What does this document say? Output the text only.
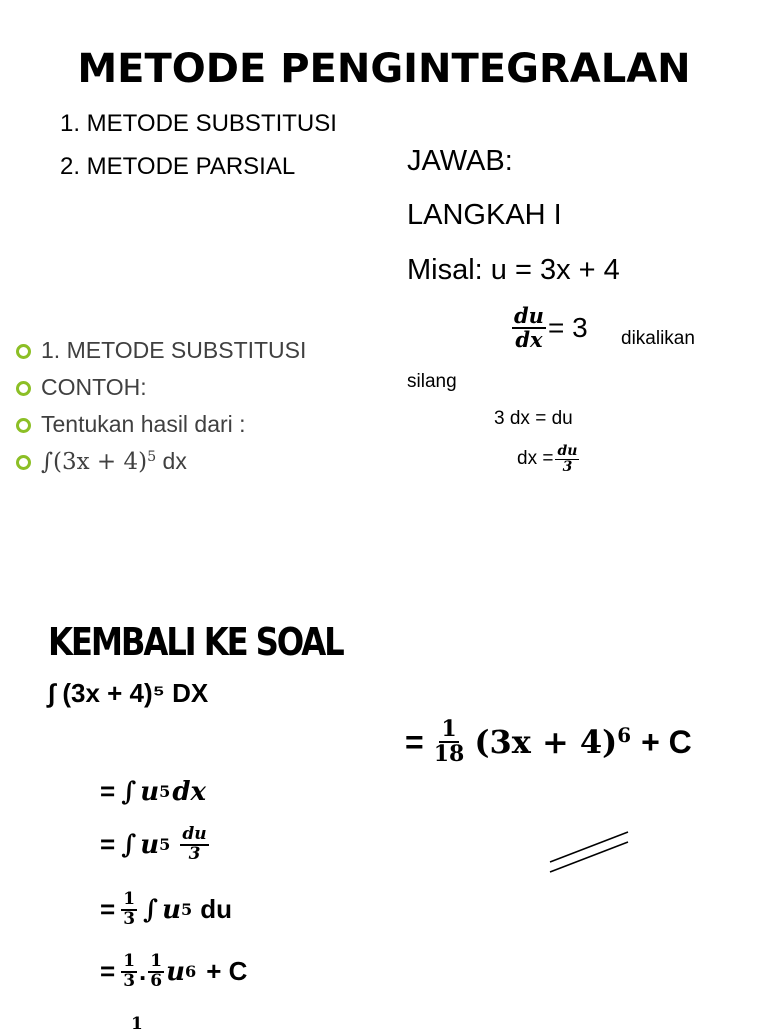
METODE PENGINTEGRALAN
1. METODE SUBSTITUSI
2. METODE PARSIAL
1. METODE SUBSTITUSI
CONTOH:
Tentukan hasil dari :
$\int(3x + 4)^5$ dx
JAWAB:
LANGKAH I
Misal: u = 3x + 4
$\frac{du}{dx} = 3$ dikalikan
silang
3 dx = du
dx = $\frac{du}{3}$
KEMBALI KE SOAL
∫ (3x + 4)⁵ DX
= $\frac{1}{18} (3x + 4)^6 + C$
= ∫ u 5 dx
= ∫ u $5 \frac{du}{3}$
= $\frac{1}{3}$ ∫ u 5 du
= $\frac{1}{3}$ . $\frac{1}{6}$ u 6 + C
1
